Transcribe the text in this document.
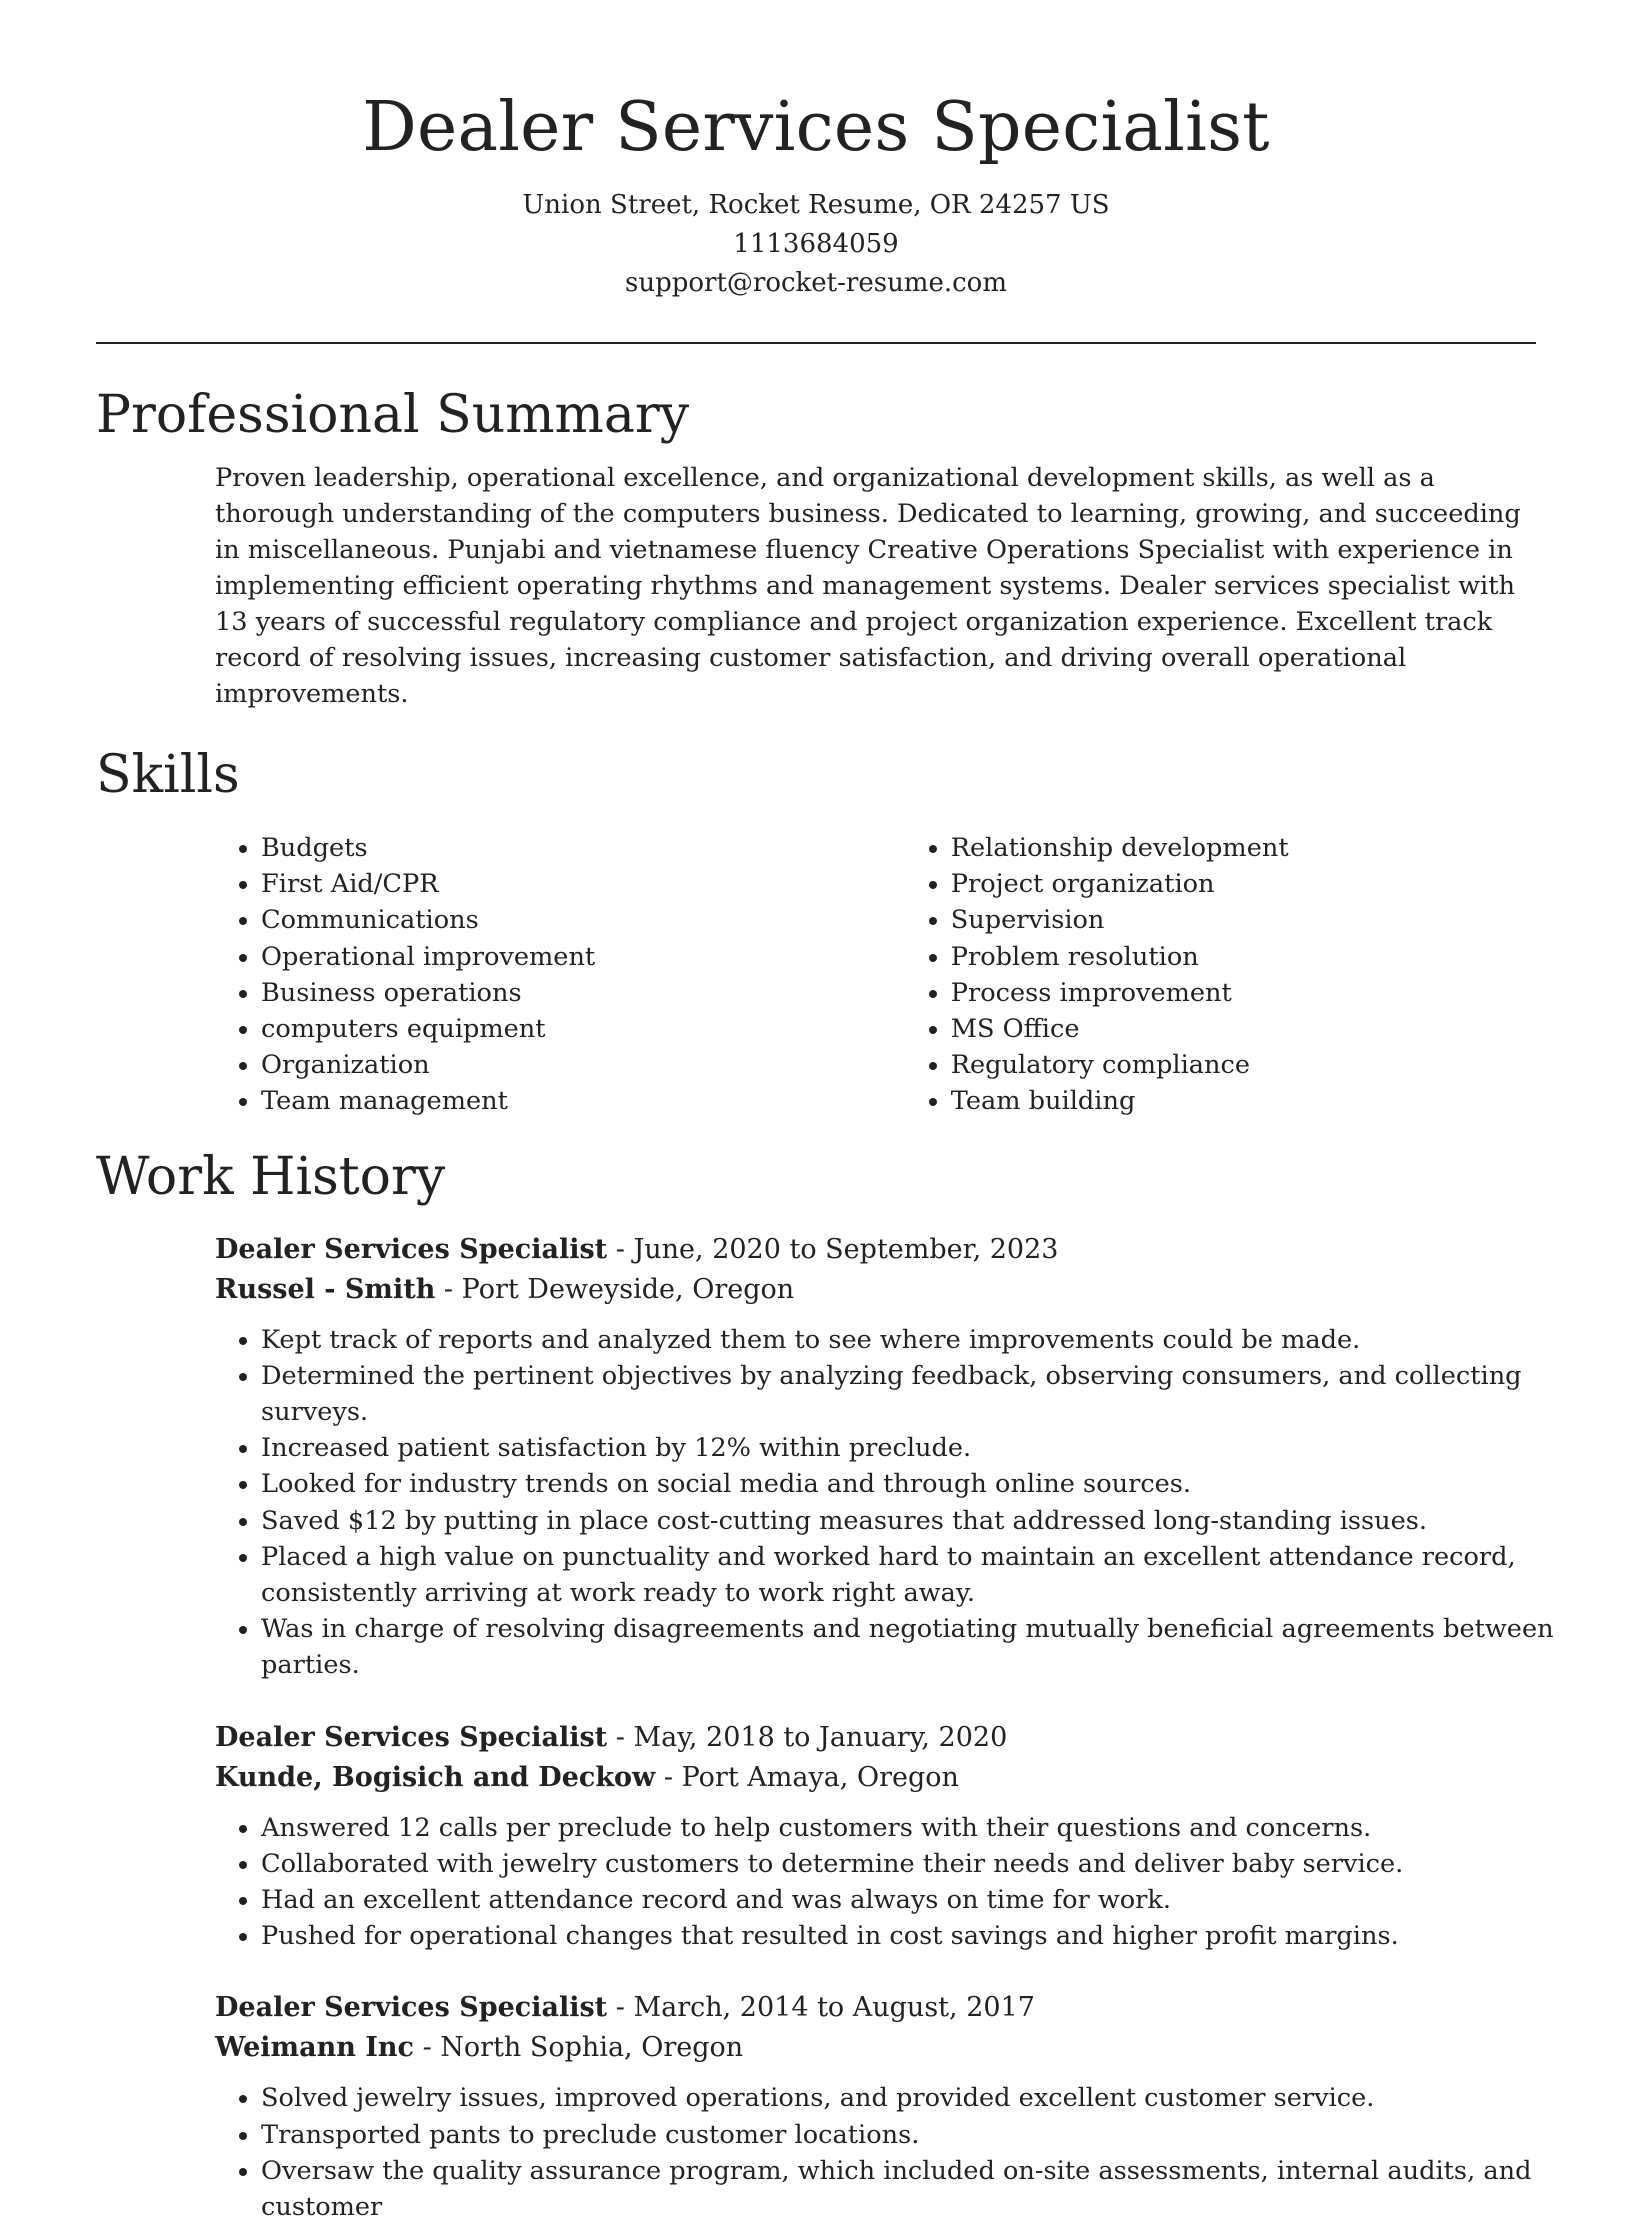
Dealer Services Specialist
Union Street, Rocket Resume, OR 24257 US
1113684059
support@rocket-resume.com
Professional Summary

Proven leadership, operational excellence, and organizational development skills, as well as a thorough understanding of the computers business. Dedicated to learning, growing, and succeeding in miscellaneous. Punjabi and vietnamese fluency Creative Operations Specialist with experience in implementing efficient operating rhythms and management systems. Dealer services specialist with 13 years of successful regulatory compliance and project organization experience. Excellent track record of resolving issues, increasing customer satisfaction, and driving overall operational improvements.

Skills
• Budgets
• First Aid/CPR
• Communications
• Operational improvement
• Business operations
• computers equipment
• Organization
• Team management
• Relationship development
• Project organization
• Supervision
• Problem resolution
• Process improvement
• MS Office
• Regulatory compliance
• Team building
Work History
Dealer Services Specialist - June, 2020 to September, 2023
Russel - Smith - Port Deweyside, Oregon
• Kept track of reports and analyzed them to see where improvements could be made.
• Determined the pertinent objectives by analyzing feedback, observing consumers, and collecting surveys.
• Increased patient satisfaction by 12% within preclude.
• Looked for industry trends on social media and through online sources.
• Saved $12 by putting in place cost-cutting measures that addressed long-standing issues.
• Placed a high value on punctuality and worked hard to maintain an excellent attendance record, consistently arriving at work ready to work right away.
• Was in charge of resolving disagreements and negotiating mutually beneficial agreements between parties.
Dealer Services Specialist - May, 2018 to January, 2020
Kunde, Bogisich and Deckow - Port Amaya, Oregon
• Answered 12 calls per preclude to help customers with their questions and concerns.
• Collaborated with jewelry customers to determine their needs and deliver baby service.
• Had an excellent attendance record and was always on time for work.
• Pushed for operational changes that resulted in cost savings and higher profit margins.
Dealer Services Specialist - March, 2014 to August, 2017
Weimann Inc - North Sophia, Oregon
• Solved jewelry issues, improved operations, and provided excellent customer service.
• Transported pants to preclude customer locations.
• Oversaw the quality assurance program, which included on-site assessments, internal audits, and customer
